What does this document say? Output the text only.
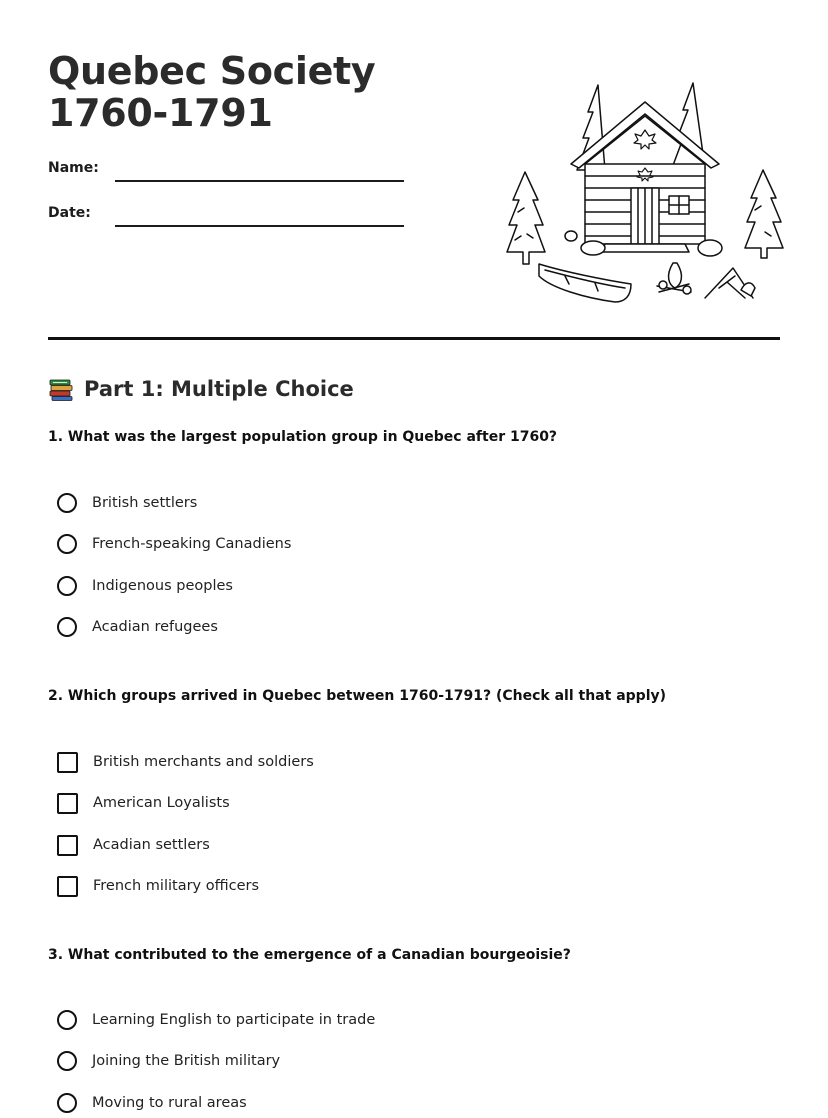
Quebec Society 1760-1791
Name:
Date:
Part 1: Multiple Choice
1. What was the largest population group in Quebec after 1760?
British settlers
French-speaking Canadiens
Indigenous peoples
Acadian refugees
2. Which groups arrived in Quebec between 1760-1791? (Check all that apply)
British merchants and soldiers
American Loyalists
Acadian settlers
French military officers
3. What contributed to the emergence of a Canadian bourgeoisie?
Learning English to participate in trade
Joining the British military
Moving to rural areas
